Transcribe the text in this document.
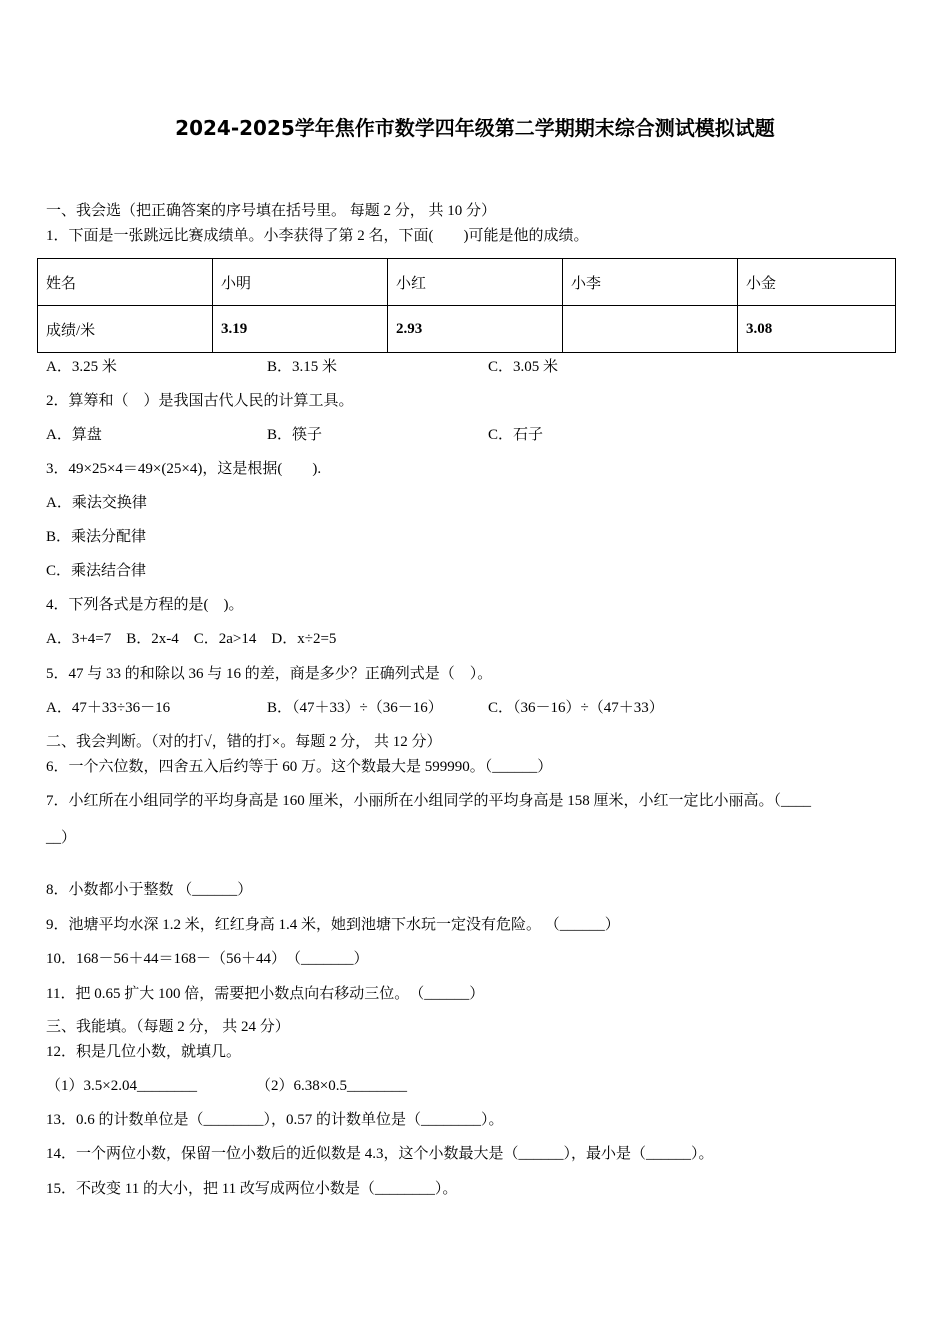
2024-2025学年焦作市数学四年级第二学期期末综合测试模拟试题
一、我会选（把正确答案的序号填在括号里。 每题 2 分， 共 10 分）
1．下面是一张跳远比赛成绩单。小李获得了第 2 名，下面(　　)可能是他的成绩。
姓名	小明	小红	小李	小金
成绩/米	3.19	2.93		3.08
A．3.25 米	B．3.15 米	C．3.05 米
2．算筹和（　）是我国古代人民的计算工具。
A．算盘	B．筷子	C．石子
3．49×25×4＝49×(25×4)，这是根据(　　).
A．乘法交换律
B．乘法分配律
C．乘法结合律
4．下列各式是方程的是(　)。
A．3+4=7　B．2x-4　C．2a>14　D．x÷2=5
5．47 与 33 的和除以 36 与 16 的差，商是多少？正确列式是（　）。
A．47＋33÷36－16	B．（47＋33）÷（36－16）	C．（36－16）÷（47＋33）
二、我会判断。（对的打√，错的打×。每题 2 分， 共 12 分）
6．一个六位数，四舍五入后约等于 60 万。这个数最大是 599990。（______）
7．小红所在小组同学的平均身高是 160 厘米，小丽所在小组同学的平均身高是 158 厘米，小红一定比小丽高。（____
__）
8．小数都小于整数 （______）
9．池塘平均水深 1.2 米，红红身高 1.4 米，她到池塘下水玩一定没有危险。 （______）
10．168－56＋44＝168－（56＋44）　（_______）
11．把 0.65 扩大 100 倍，需要把小数点向右移动三位。　（______）
三、我能填。（每题 2 分， 共 24 分）
12．积是几位小数，就填几。
（1）3.5×2.04________	（2）6.38×0.5________
13．0.6 的计数单位是（________），0.57 的计数单位是（________）。
14．一个两位小数，保留一位小数后的近似数是 4.3，这个小数最大是（______），最小是（______）。
15．不改变 11 的大小，把 11 改写成两位小数是（________）。
